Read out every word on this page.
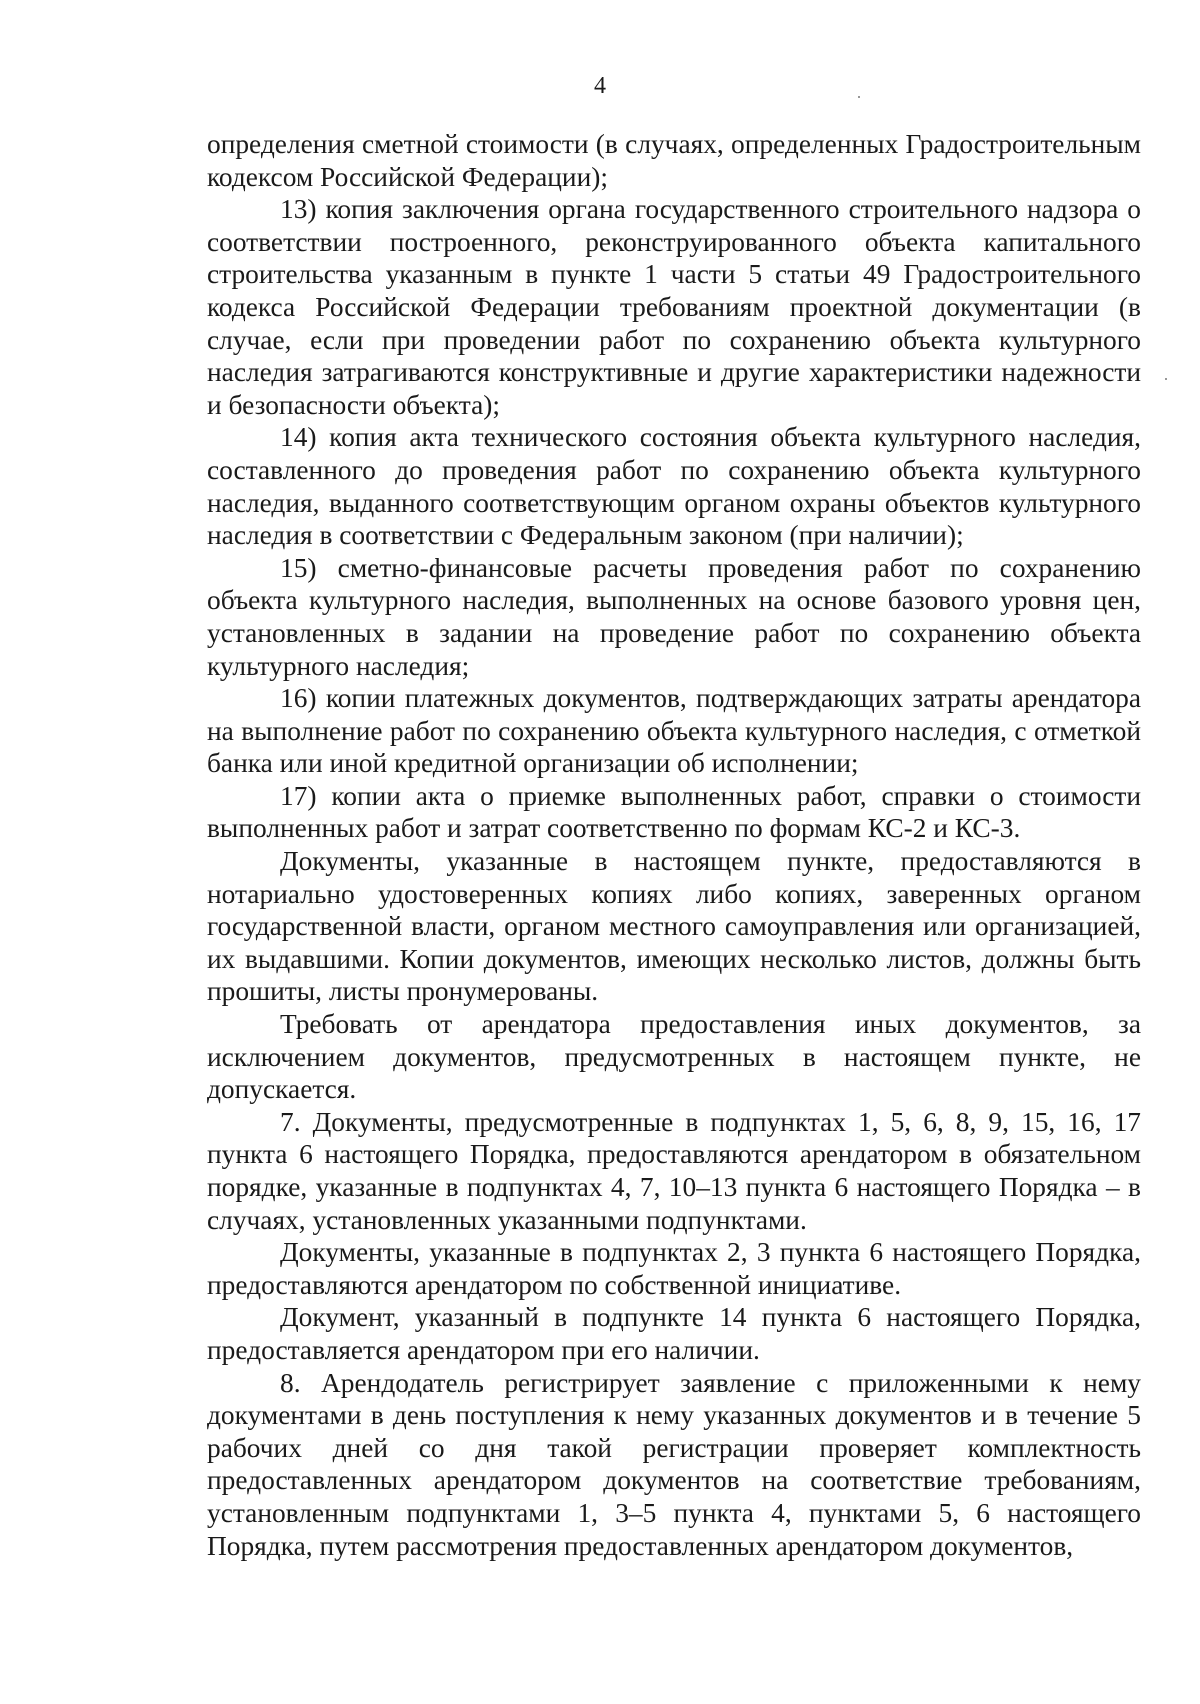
4

определения сметной стоимости (в случаях, определенных Градостроительным кодексом Российской Федерации);

13) копия заключения органа государственного строительного надзора о соответствии построенного, реконструированного объекта капитального строительства указанным в пункте 1 части 5 статьи 49 Градостроительного кодекса Российской Федерации требованиям проектной документации (в случае, если при проведении работ по сохранению объекта культурного наследия затрагиваются конструктивные и другие характеристики надежности и безопасности объекта);

14) копия акта технического состояния объекта культурного наследия, составленного до проведения работ по сохранению объекта культурного наследия, выданного соответствующим органом охраны объектов культурного наследия в соответствии с Федеральным законом (при наличии);

15) сметно-финансовые расчеты проведения работ по сохранению объекта культурного наследия, выполненных на основе базового уровня цен, установленных в задании на проведение работ по сохранению объекта культурного наследия;

16) копии платежных документов, подтверждающих затраты арендатора на выполнение работ по сохранению объекта культурного наследия, с отметкой банка или иной кредитной организации об исполнении;

17) копии акта о приемке выполненных работ, справки о стоимости выполненных работ и затрат соответственно по формам КС-2 и КС-3.

Документы, указанные в настоящем пункте, предоставляются в нотариально удостоверенных копиях либо копиях, заверенных органом государственной власти, органом местного самоуправления или организацией, их выдавшими. Копии документов, имеющих несколько листов, должны быть прошиты, листы пронумерованы.

Требовать от арендатора предоставления иных документов, за исключением документов, предусмотренных в настоящем пункте, не допускается.

7. Документы, предусмотренные в подпунктах 1, 5, 6, 8, 9, 15, 16, 17 пункта 6 настоящего Порядка, предоставляются арендатором в обязательном порядке, указанные в подпунктах 4, 7, 10–13 пункта 6 настоящего Порядка – в случаях, установленных указанными подпунктами.

Документы, указанные в подпунктах 2, 3 пункта 6 настоящего Порядка, предоставляются арендатором по собственной инициативе.

Документ, указанный в подпункте 14 пункта 6 настоящего Порядка, предоставляется арендатором при его наличии.

8. Арендодатель регистрирует заявление с приложенными к нему документами в день поступления к нему указанных документов и в течение 5 рабочих дней со дня такой регистрации проверяет комплектность предоставленных арендатором документов на соответствие требованиям, установленным подпунктами 1, 3–5 пункта 4, пунктами 5, 6 настоящего Порядка, путем рассмотрения предоставленных арендатором документов,
